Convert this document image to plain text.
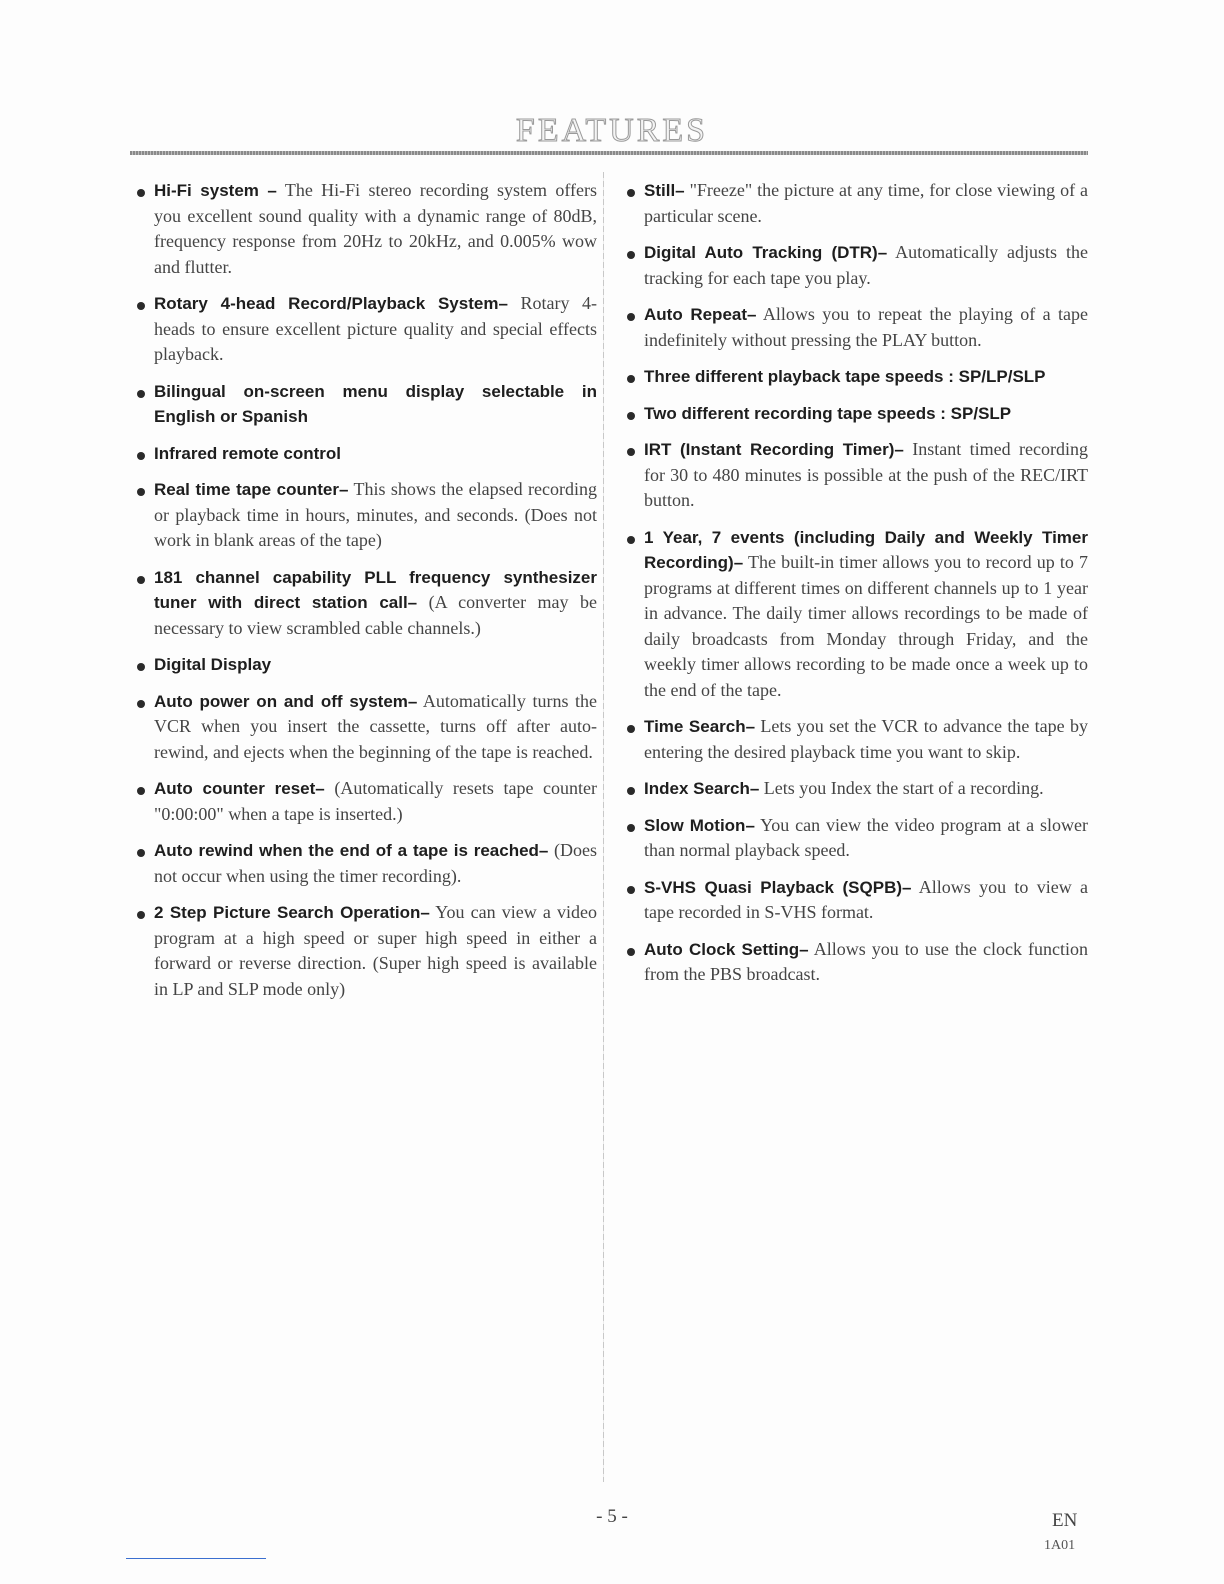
FEATURES
Hi-Fi system – The Hi-Fi stereo recording system offers you excellent sound quality with a dynamic range of 80dB, frequency response from 20Hz to 20kHz, and 0.005% wow and flutter.
Rotary 4-head Record/Playback System– Rotary 4-heads to ensure excellent picture quality and special effects playback.
Bilingual on-screen menu display selectable in English or Spanish
Infrared remote control
Real time tape counter– This shows the elapsed recording or playback time in hours, minutes, and seconds. (Does not work in blank areas of the tape)
181 channel capability PLL frequency synthesizer tuner with direct station call– (A converter may be necessary to view scrambled cable channels.)
Digital Display
Auto power on and off system– Automatically turns the VCR when you insert the cassette, turns off after auto-rewind, and ejects when the beginning of the tape is reached.
Auto counter reset– (Automatically resets tape counter "0:00:00" when a tape is inserted.)
Auto rewind when the end of a tape is reached– (Does not occur when using the timer recording).
2 Step Picture Search Operation– You can view a video program at a high speed or super high speed in either a forward or reverse direction. (Super high speed is available in LP and SLP mode only)
Still– "Freeze" the picture at any time, for close viewing of a particular scene.
Digital Auto Tracking (DTR)– Automatically adjusts the tracking for each tape you play.
Auto Repeat– Allows you to repeat the playing of a tape indefinitely without pressing the PLAY button.
Three different playback tape speeds : SP/LP/SLP
Two different recording tape speeds : SP/SLP
IRT (Instant Recording Timer)– Instant timed recording for 30 to 480 minutes is possible at the push of the REC/IRT button.
1 Year, 7 events (including Daily and Weekly Timer Recording)– The built-in timer allows you to record up to 7 programs at different times on different channels up to 1 year in advance. The daily timer allows recordings to be made of daily broadcasts from Monday through Friday, and the weekly timer allows recording to be made once a week up to the end of the tape.
Time Search– Lets you set the VCR to advance the tape by entering the desired playback time you want to skip.
Index Search– Lets you Index the start of a recording.
Slow Motion– You can view the video program at a slower than normal playback speed.
S-VHS Quasi Playback (SQPB)– Allows you to view a tape recorded in S-VHS format.
Auto Clock Setting– Allows you to use the clock function from the PBS broadcast.
- 5 -	EN
1A01
